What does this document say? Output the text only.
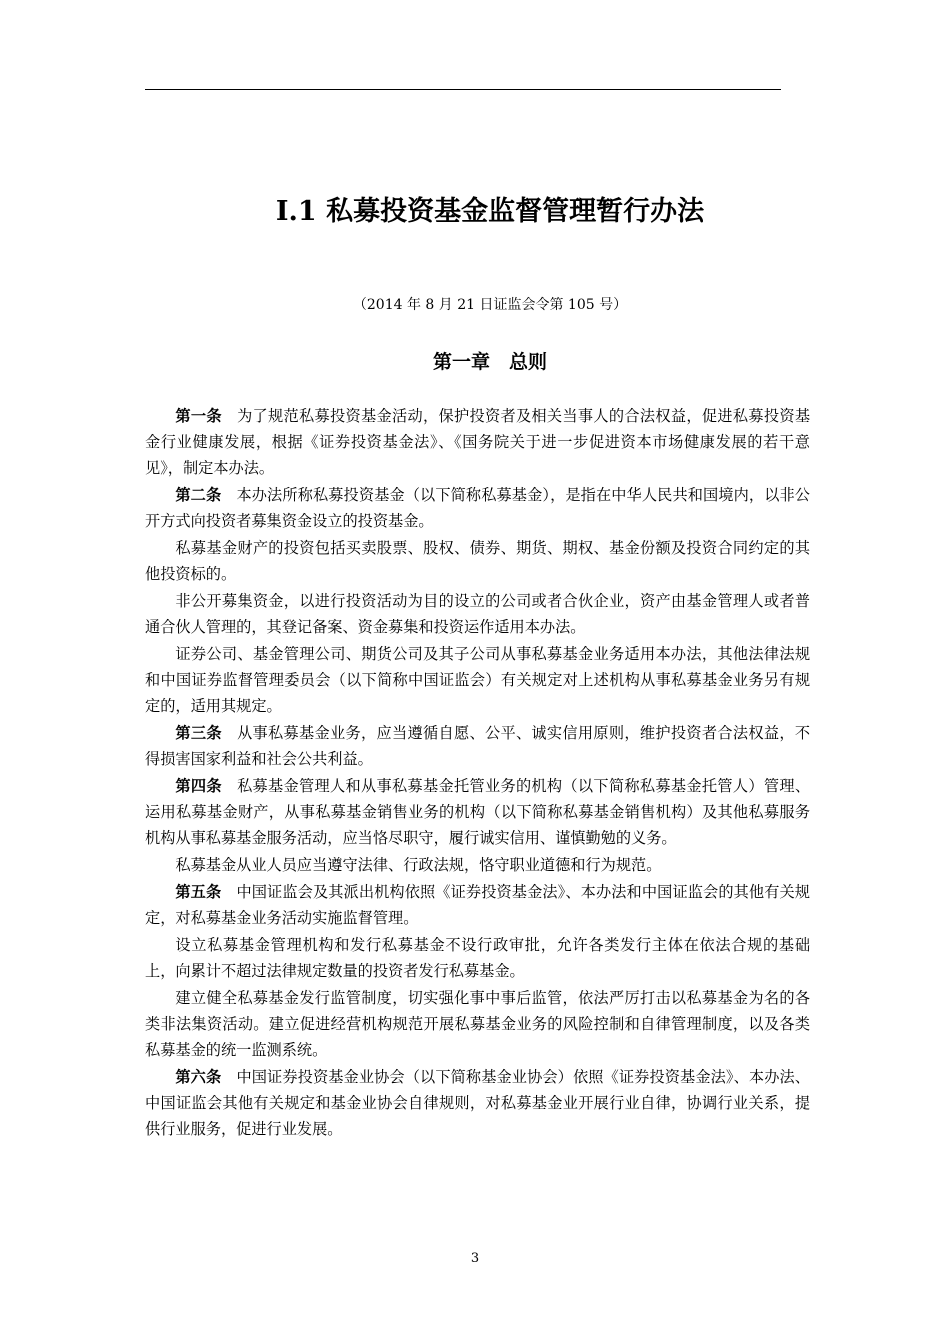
I.1 私募投资基金监督管理暂行办法

（2014 年 8 月 21 日证监会令第 105 号）

第一章　总则

第一条 为了规范私募投资基金活动，保护投资者及相关当事人的合法权益，促进私募投资基金行业健康发展，根据《证券投资基金法》、《国务院关于进一步促进资本市场健康发展的若干意见》，制定本办法。

第二条 本办法所称私募投资基金（以下简称私募基金），是指在中华人民共和国境内，以非公开方式向投资者募集资金设立的投资基金。

私募基金财产的投资包括买卖股票、股权、债券、期货、期权、基金份额及投资合同约定的其他投资标的。

非公开募集资金，以进行投资活动为目的设立的公司或者合伙企业，资产由基金管理人或者普通合伙人管理的，其登记备案、资金募集和投资运作适用本办法。

证券公司、基金管理公司、期货公司及其子公司从事私募基金业务适用本办法，其他法律法规和中国证券监督管理委员会（以下简称中国证监会）有关规定对上述机构从事私募基金业务另有规定的，适用其规定。

第三条 从事私募基金业务，应当遵循自愿、公平、诚实信用原则，维护投资者合法权益，不得损害国家利益和社会公共利益。

第四条 私募基金管理人和从事私募基金托管业务的机构（以下简称私募基金托管人）管理、运用私募基金财产，从事私募基金销售业务的机构（以下简称私募基金销售机构）及其他私募服务机构从事私募基金服务活动，应当恪尽职守，履行诚实信用、谨慎勤勉的义务。

私募基金从业人员应当遵守法律、行政法规，恪守职业道德和行为规范。

第五条 中国证监会及其派出机构依照《证券投资基金法》、本办法和中国证监会的其他有关规定，对私募基金业务活动实施监督管理。

设立私募基金管理机构和发行私募基金不设行政审批，允许各类发行主体在依法合规的基础上，向累计不超过法律规定数量的投资者发行私募基金。

建立健全私募基金发行监管制度，切实强化事中事后监管，依法严厉打击以私募基金为名的各类非法集资活动。建立促进经营机构规范开展私募基金业务的风险控制和自律管理制度，以及各类私募基金的统一监测系统。

第六条 中国证券投资基金业协会（以下简称基金业协会）依照《证券投资基金法》、本办法、中国证监会其他有关规定和基金业协会自律规则，对私募基金业开展行业自律，协调行业关系，提供行业服务，促进行业发展。

3
